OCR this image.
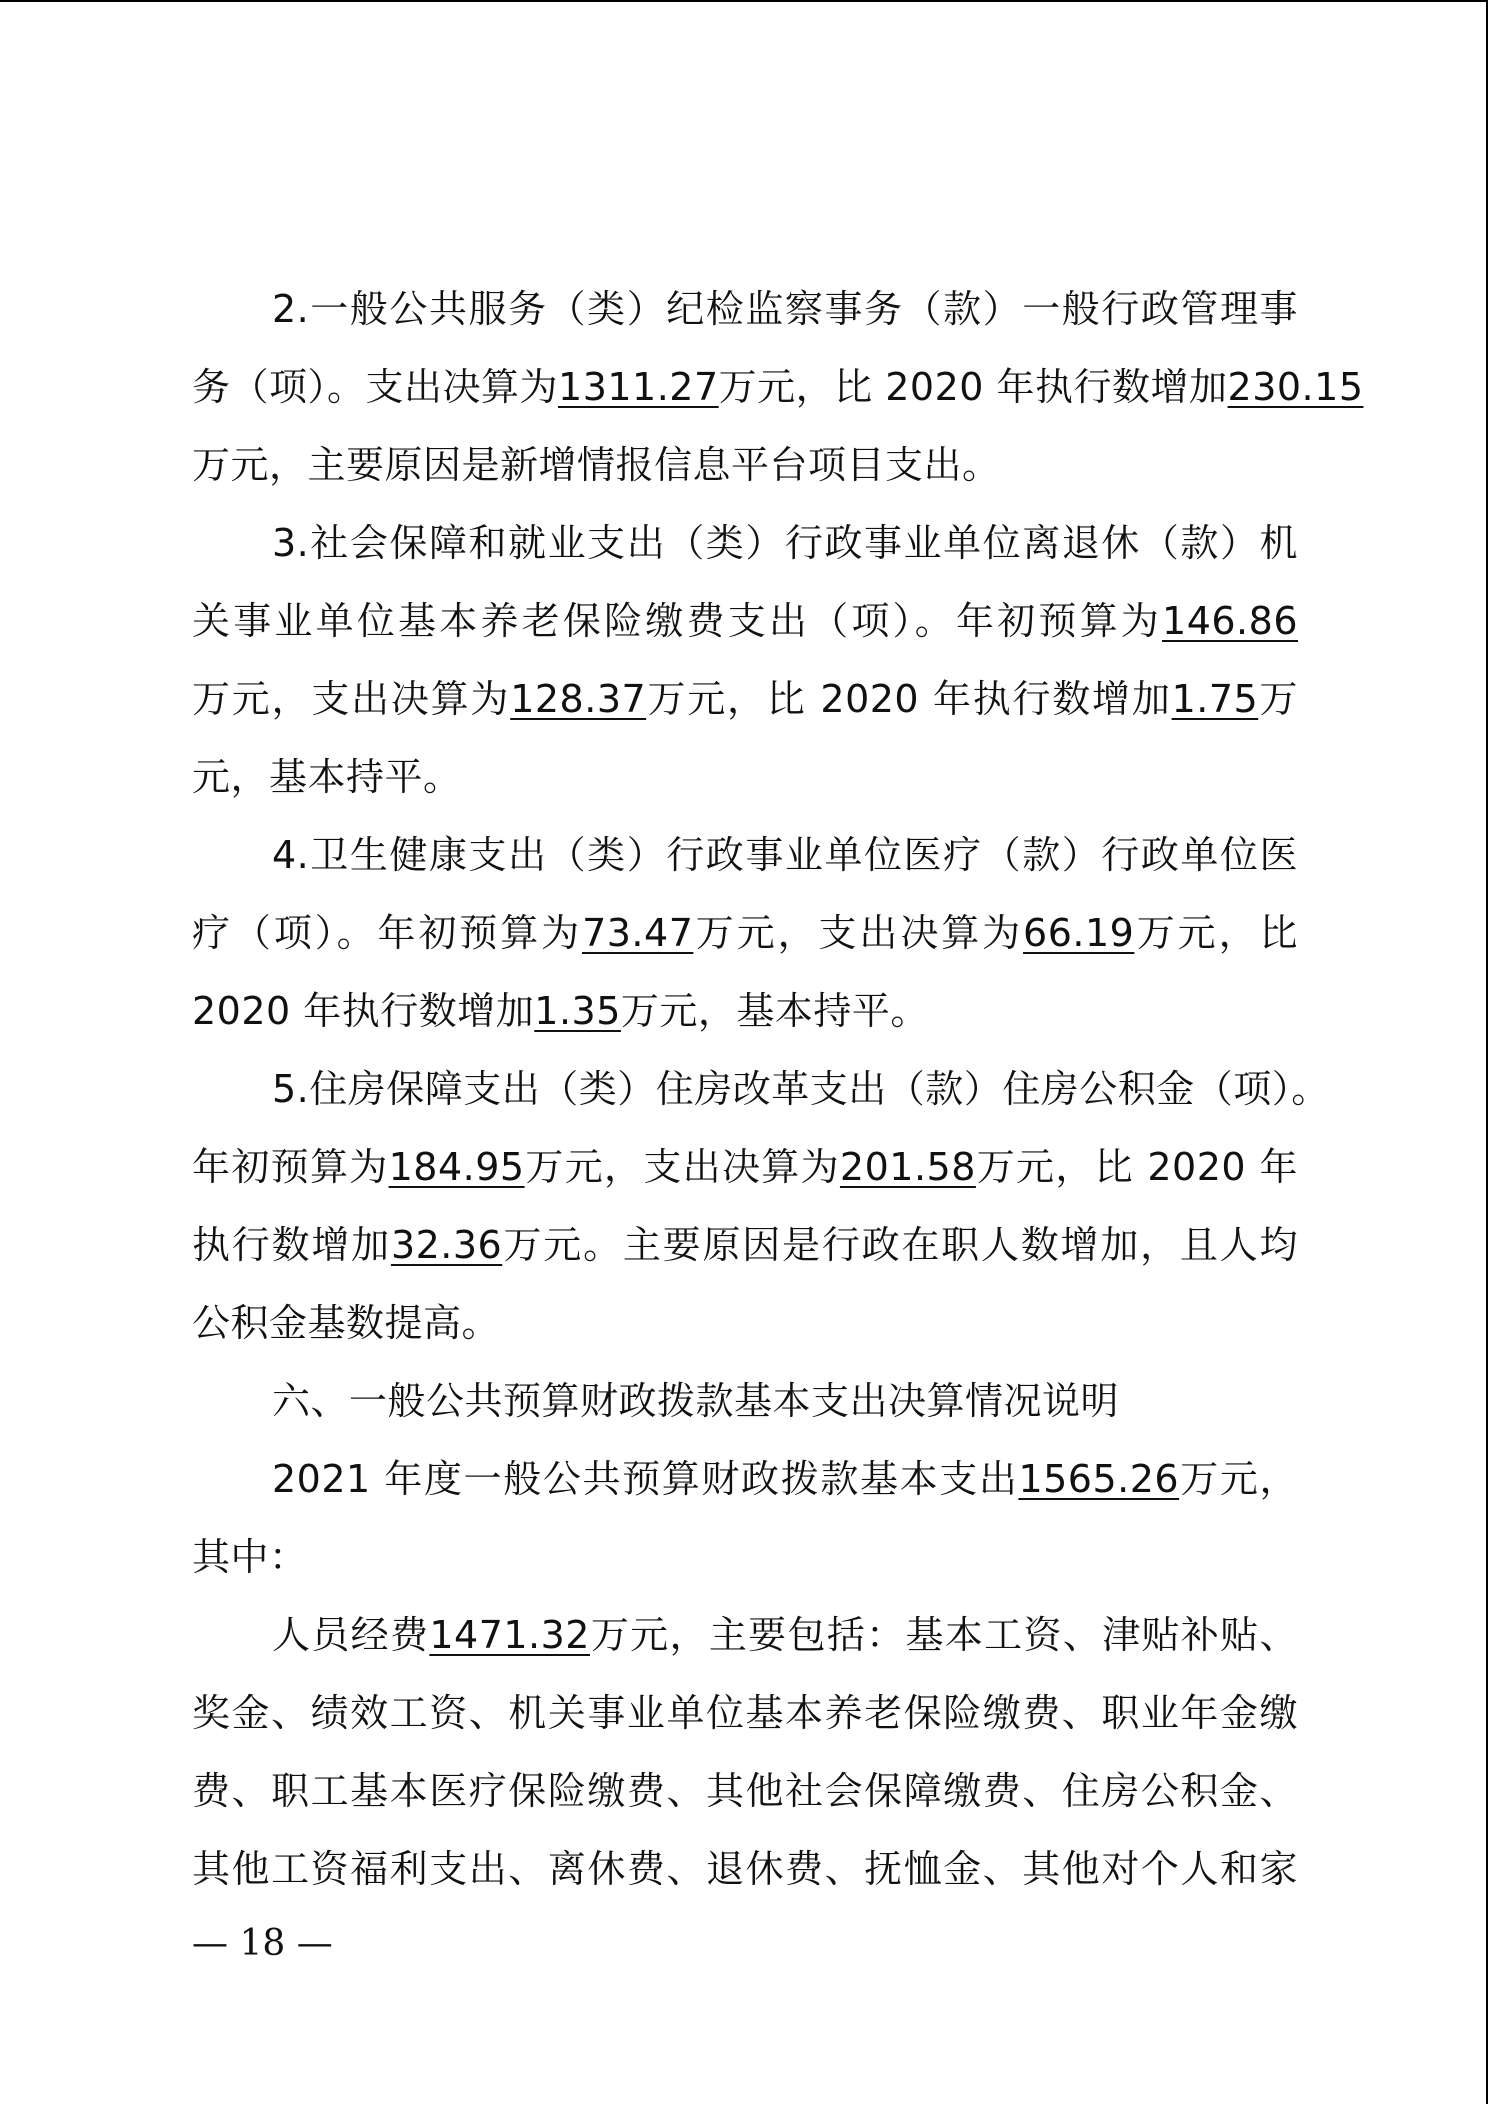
2.一般公共服务（类）纪检监察事务（款）一般行政管理事
务（项）。支出决算为1311.27万元，比 2020 年执行数增加230.15
万元，主要原因是新增情报信息平台项目支出。
3.社会保障和就业支出（类）行政事业单位离退休（款）机
关事业单位基本养老保险缴费支出（项）。年初预算为146.86
万元，支出决算为128.37万元，比 2020 年执行数增加1.75万
元，基本持平。
4.卫生健康支出（类）行政事业单位医疗（款）行政单位医
疗（项）。年初预算为73.47万元，支出决算为66.19万元，比
2020 年执行数增加1.35万元，基本持平。
5.住房保障支出（类）住房改革支出（款）住房公积金（项）。
年初预算为184.95万元，支出决算为201.58万元，比 2020 年
执行数增加32.36万元。主要原因是行政在职人数增加，且人均
公积金基数提高。
六、一般公共预算财政拨款基本支出决算情况说明
2021 年度一般公共预算财政拨款基本支出1565.26万元，
其中：
人员经费1471.32万元，主要包括：基本工资、津贴补贴、
奖金、绩效工资、机关事业单位基本养老保险缴费、职业年金缴
费、职工基本医疗保险缴费、其他社会保障缴费、住房公积金、
其他工资福利支出、离休费、退休费、抚恤金、其他对个人和家
— 18 —
